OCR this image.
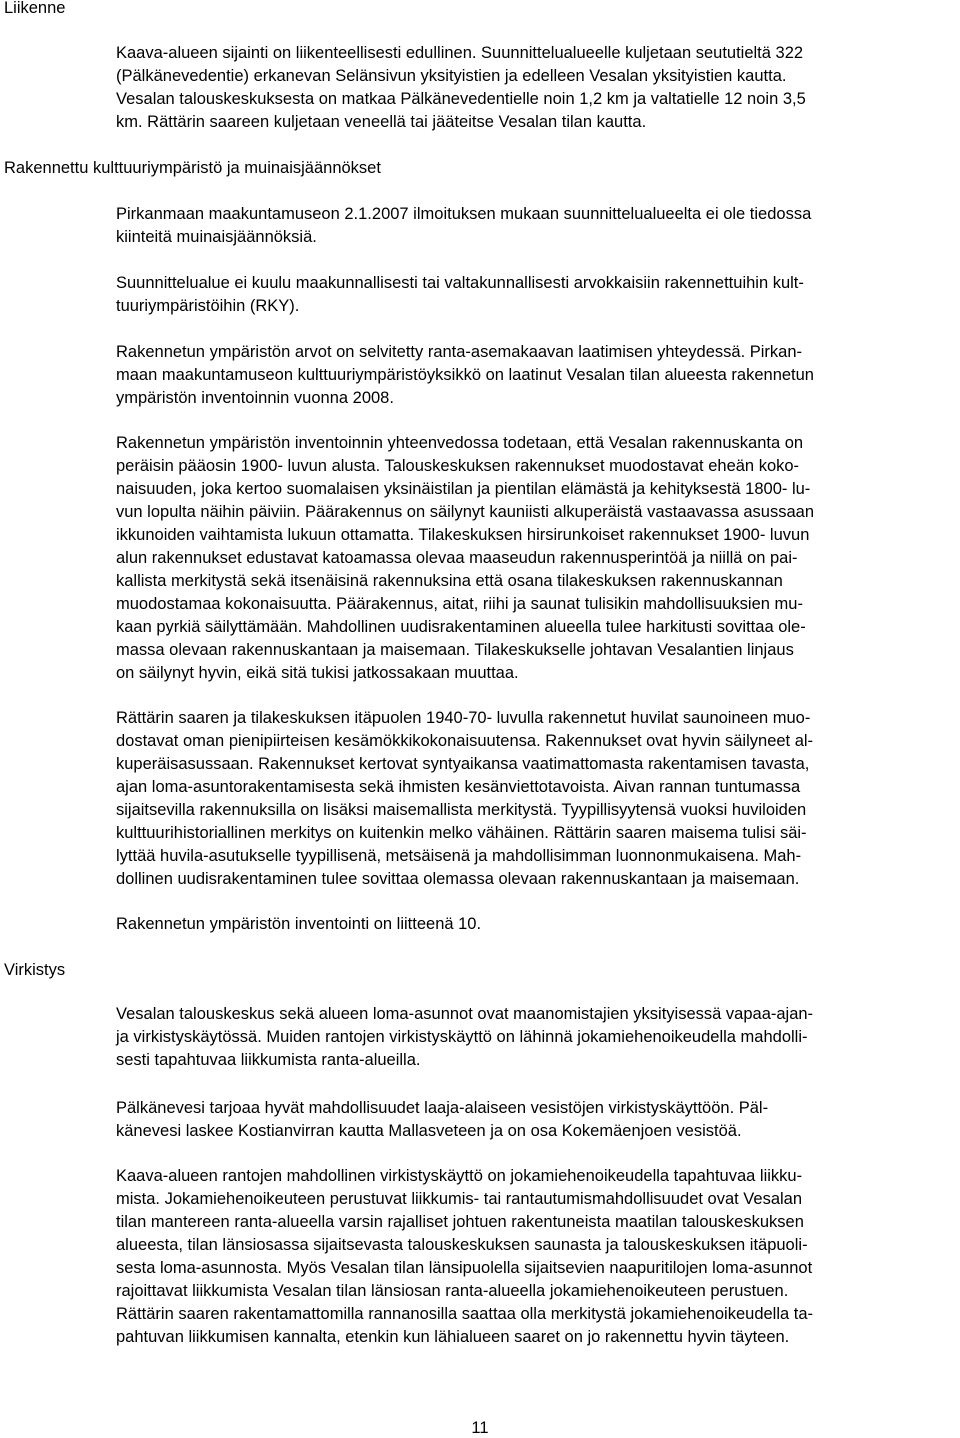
Liikenne

Kaava-alueen sijainti on liikenteellisesti edullinen. Suunnittelualueelle kuljetaan seututieltä 322
(Pälkänevedentie) erkanevan Selänsivun yksityistien ja edelleen Vesalan yksityistien kautta.
Vesalan talouskeskuksesta on matkaa Pälkänevedentielle noin 1,2 km ja valtatielle 12 noin 3,5
km. Rättärin saareen kuljetaan veneellä tai jääteitse Vesalan tilan kautta.

Rakennettu kulttuuriympäristö ja muinaisjäännökset

Pirkanmaan maakuntamuseon 2.1.2007 ilmoituksen mukaan suunnittelualueelta ei ole tiedossa
kiinteitä muinaisjäännöksiä.

Suunnittelualue ei kuulu maakunnallisesti tai valtakunnallisesti arvokkaisiin rakennettuihin kult-
tuuriympäristöihin (RKY).

Rakennetun ympäristön arvot on selvitetty ranta-asemakaavan laatimisen yhteydessä. Pirkan-
maan maakuntamuseon kulttuuriympäristöyksikkö on laatinut Vesalan tilan alueesta rakennetun
ympäristön inventoinnin vuonna 2008.

Rakennetun ympäristön inventoinnin yhteenvedossa todetaan, että Vesalan rakennuskanta on
peräisin pääosin 1900- luvun alusta. Talouskeskuksen rakennukset muodostavat eheän koko-
naisuuden, joka kertoo suomalaisen yksinäistilan ja pientilan elämästä ja kehityksestä 1800- lu-
vun lopulta näihin päiviin. Päärakennus on säilynyt kauniisti alkuperäistä vastaavassa asussaan
ikkunoiden vaihtamista lukuun ottamatta. Tilakeskuksen hirsirunkoiset rakennukset 1900- luvun
alun rakennukset edustavat katoamassa olevaa maaseudun rakennusperintöä ja niillä on pai-
kallista merkitystä sekä itsenäisinä rakennuksina että osana tilakeskuksen rakennuskannan
muodostamaa kokonaisuutta. Päärakennus, aitat, riihi ja saunat tulisikin mahdollisuuksien mu-
kaan pyrkiä säilyttämään. Mahdollinen uudisrakentaminen alueella tulee harkitusti sovittaa ole-
massa olevaan rakennuskantaan ja maisemaan. Tilakeskukselle johtavan Vesalantien linjaus
on säilynyt hyvin, eikä sitä tukisi jatkossakaan muuttaa.

Rättärin saaren ja tilakeskuksen itäpuolen 1940-70- luvulla rakennetut huvilat saunoineen muo-
dostavat oman pienipiirteisen kesämökkikokonaisuutensa. Rakennukset ovat hyvin säilyneet al-
kuperäisasussaan. Rakennukset kertovat syntyaikansa vaatimattomasta rakentamisen tavasta,
ajan loma-asuntorakentamisesta sekä ihmisten kesänviettotavoista. Aivan rannan tuntumassa
sijaitsevilla rakennuksilla on lisäksi maisemallista merkitystä. Tyypillisyytensä vuoksi huviloiden
kulttuurihistoriallinen merkitys on kuitenkin melko vähäinen. Rättärin saaren maisema tulisi säi-
lyttää huvila-asutukselle tyypillisenä, metsäisenä ja mahdollisimman luonnonmukaisena. Mah-
dollinen uudisrakentaminen tulee sovittaa olemassa olevaan rakennuskantaan ja maisemaan.

Rakennetun ympäristön inventointi on liitteenä 10.

Virkistys

Vesalan talouskeskus sekä alueen loma-asunnot ovat maanomistajien yksityisessä vapaa-ajan-
ja virkistyskäytössä. Muiden rantojen virkistyskäyttö on lähinnä jokamiehenoikeudella mahdolli-
sesti tapahtuvaa liikkumista ranta-alueilla.

Pälkänevesi tarjoaa hyvät mahdollisuudet laaja-alaiseen vesistöjen virkistyskäyttöön. Päl-
känevesi laskee Kostianvirran kautta Mallasveteen ja on osa Kokemäenjoen vesistöä.

Kaava-alueen rantojen mahdollinen virkistyskäyttö on jokamiehenoikeudella tapahtuvaa liikku-
mista. Jokamiehenoikeuteen perustuvat liikkumis- tai rantautumismahdollisuudet ovat Vesalan
tilan mantereen ranta-alueella varsin rajalliset johtuen rakentuneista maatilan talouskeskuksen
alueesta, tilan länsiosassa sijaitsevasta talouskeskuksen saunasta ja talouskeskuksen itäpuoli-
sesta loma-asunnosta. Myös Vesalan tilan länsipuolella sijaitsevien naapuritilojen loma-asunnot
rajoittavat liikkumista Vesalan tilan länsiosan ranta-alueella jokamiehenoikeuteen perustuen.
Rättärin saaren rakentamattomilla rannanosilla saattaa olla merkitystä jokamiehenoikeudella ta-
pahtuvan liikkumisen kannalta, etenkin kun lähialueen saaret on jo rakennettu hyvin täyteen.

11
